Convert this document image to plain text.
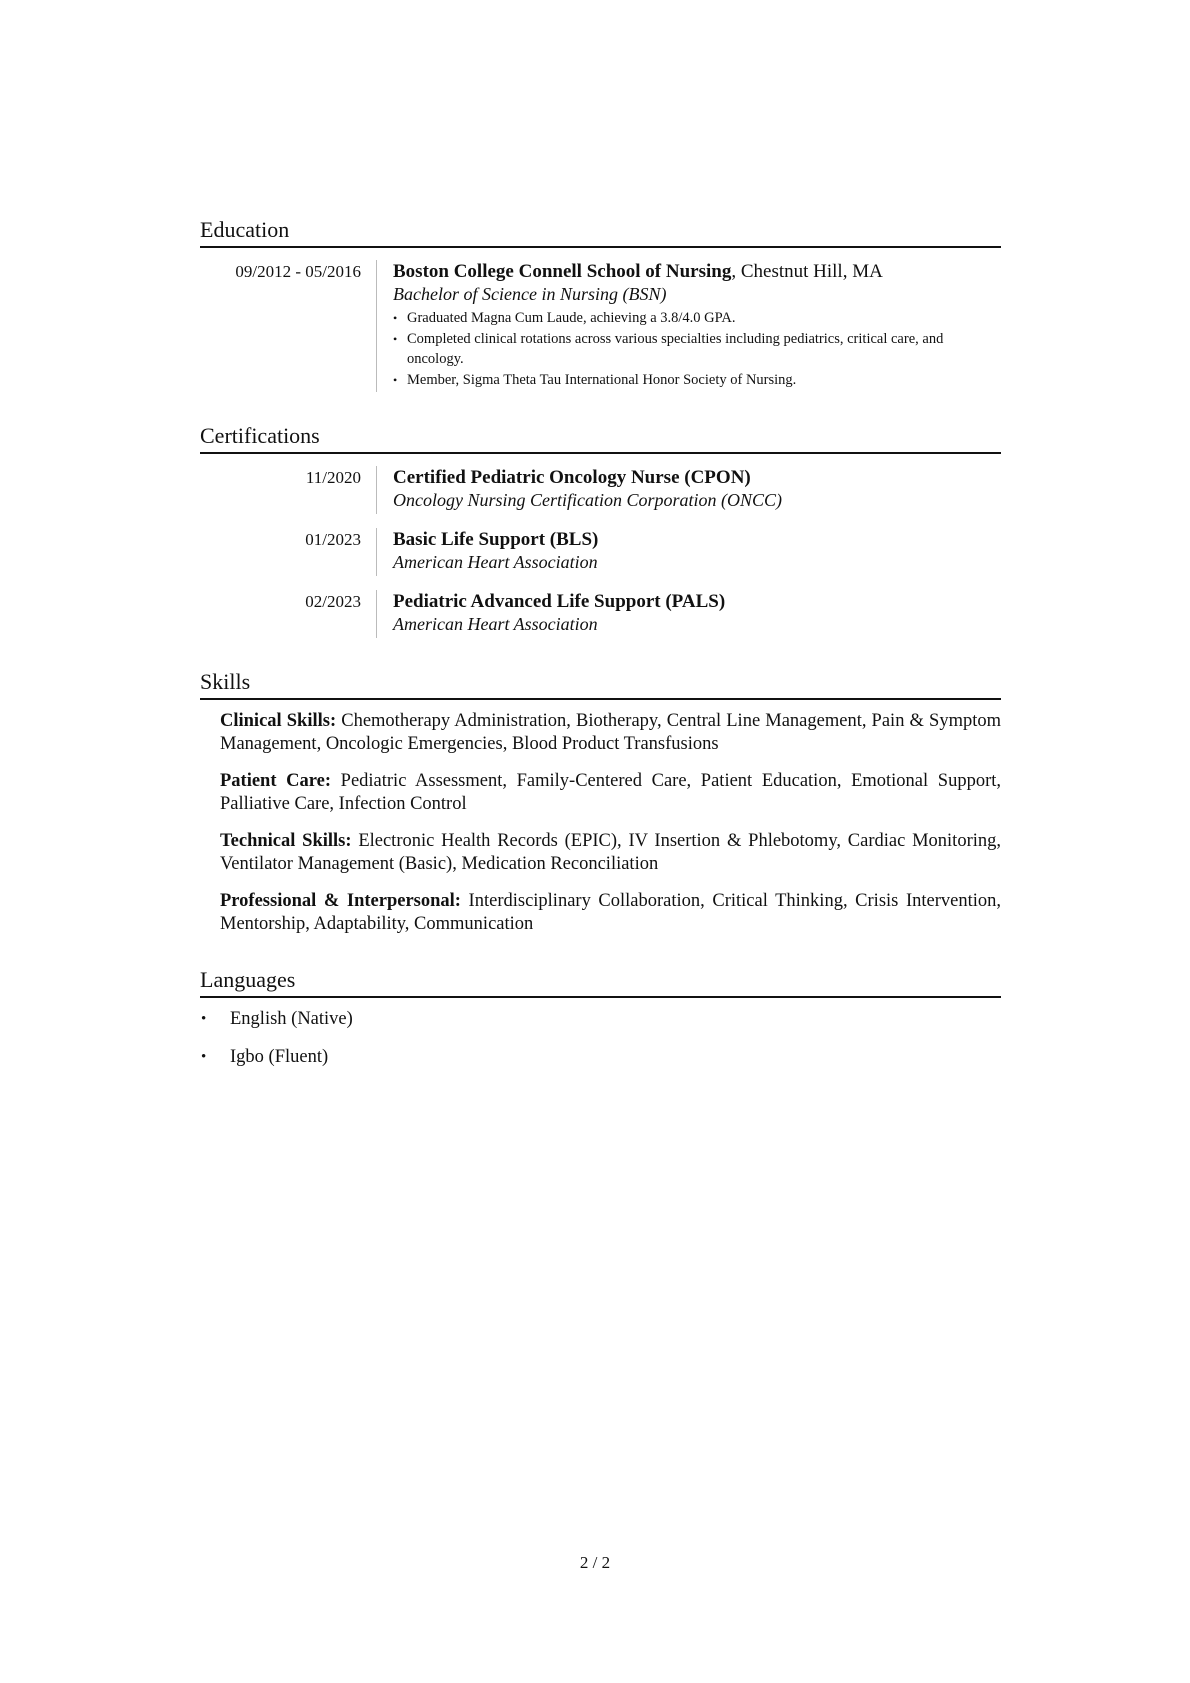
Education
09/2012 - 05/2016	Boston College Connell School of Nursing, Chestnut Hill, MA
Bachelor of Science in Nursing (BSN)
• Graduated Magna Cum Laude, achieving a 3.8/4.0 GPA.
• Completed clinical rotations across various specialties including pediatrics, critical care, and oncology.
• Member, Sigma Theta Tau International Honor Society of Nursing.
Certifications
11/2020	Certified Pediatric Oncology Nurse (CPON)
Oncology Nursing Certification Corporation (ONCC)
01/2023	Basic Life Support (BLS)
American Heart Association
02/2023	Pediatric Advanced Life Support (PALS)
American Heart Association
Skills

Clinical Skills: Chemotherapy Administration, Biotherapy, Central Line Management, Pain & Symptom Management, Oncologic Emergencies, Blood Product Transfusions

Patient Care: Pediatric Assessment, Family-Centered Care, Patient Education, Emotional Support, Palliative Care, Infection Control

Technical Skills: Electronic Health Records (EPIC), IV Insertion & Phlebotomy, Cardiac Monitoring, Ventilator Management (Basic), Medication Reconciliation

Professional & Interpersonal: Interdisciplinary Collaboration, Critical Thinking, Crisis Intervention, Mentorship, Adaptability, Communication

Languages
• English (Native)
• Igbo (Fluent)
2 / 2
